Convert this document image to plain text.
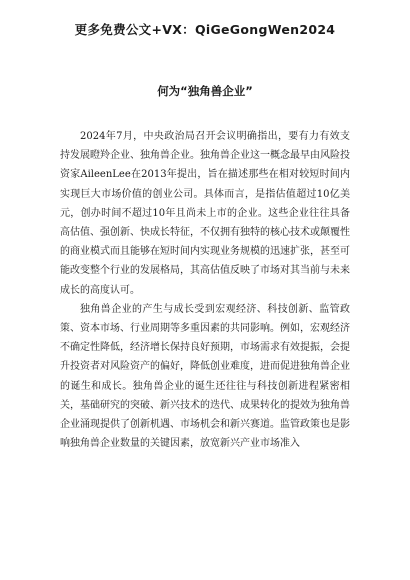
更多免费公文+VX：QiGeGongWen2024
何为“独角兽企业”

2024年7月，中央政治局召开会议明确指出，要有力有效支持发展瞪羚企业、独角兽企业。独角兽企业这一概念最早由风险投资家AileenLee在2013年提出，旨在描述那些在相对较短时间内实现巨大市场价值的创业公司。具体而言，是指估值超过10亿美元，创办时间不超过10年且尚未上市的企业。这些企业往往具备高估值、强创新、快成长特征，不仅拥有独特的核心技术或颠覆性的商业模式而且能够在短时间内实现业务规模的迅速扩张，甚至可能改变整个行业的发展格局，其高估值反映了市场对其当前与未来成长的高度认可。

独角兽企业的产生与成长受到宏观经济、科技创新、监管政策、资本市场、行业周期等多重因素的共同影响。例如，宏观经济不确定性降低，经济增长保持良好预期，市场需求有效提振，会提升投资者对风险资产的偏好，降低创业难度，进而促进独角兽企业的诞生和成长。独角兽企业的诞生还往往与科技创新进程紧密相关，基础研究的突破、新兴技术的迭代、成果转化的提效为独角兽企业涌现提供了创新机遇、市场机会和新兴赛道。监管政策也是影响独角兽企业数量的关键因素，放宽新兴产业市场准入
